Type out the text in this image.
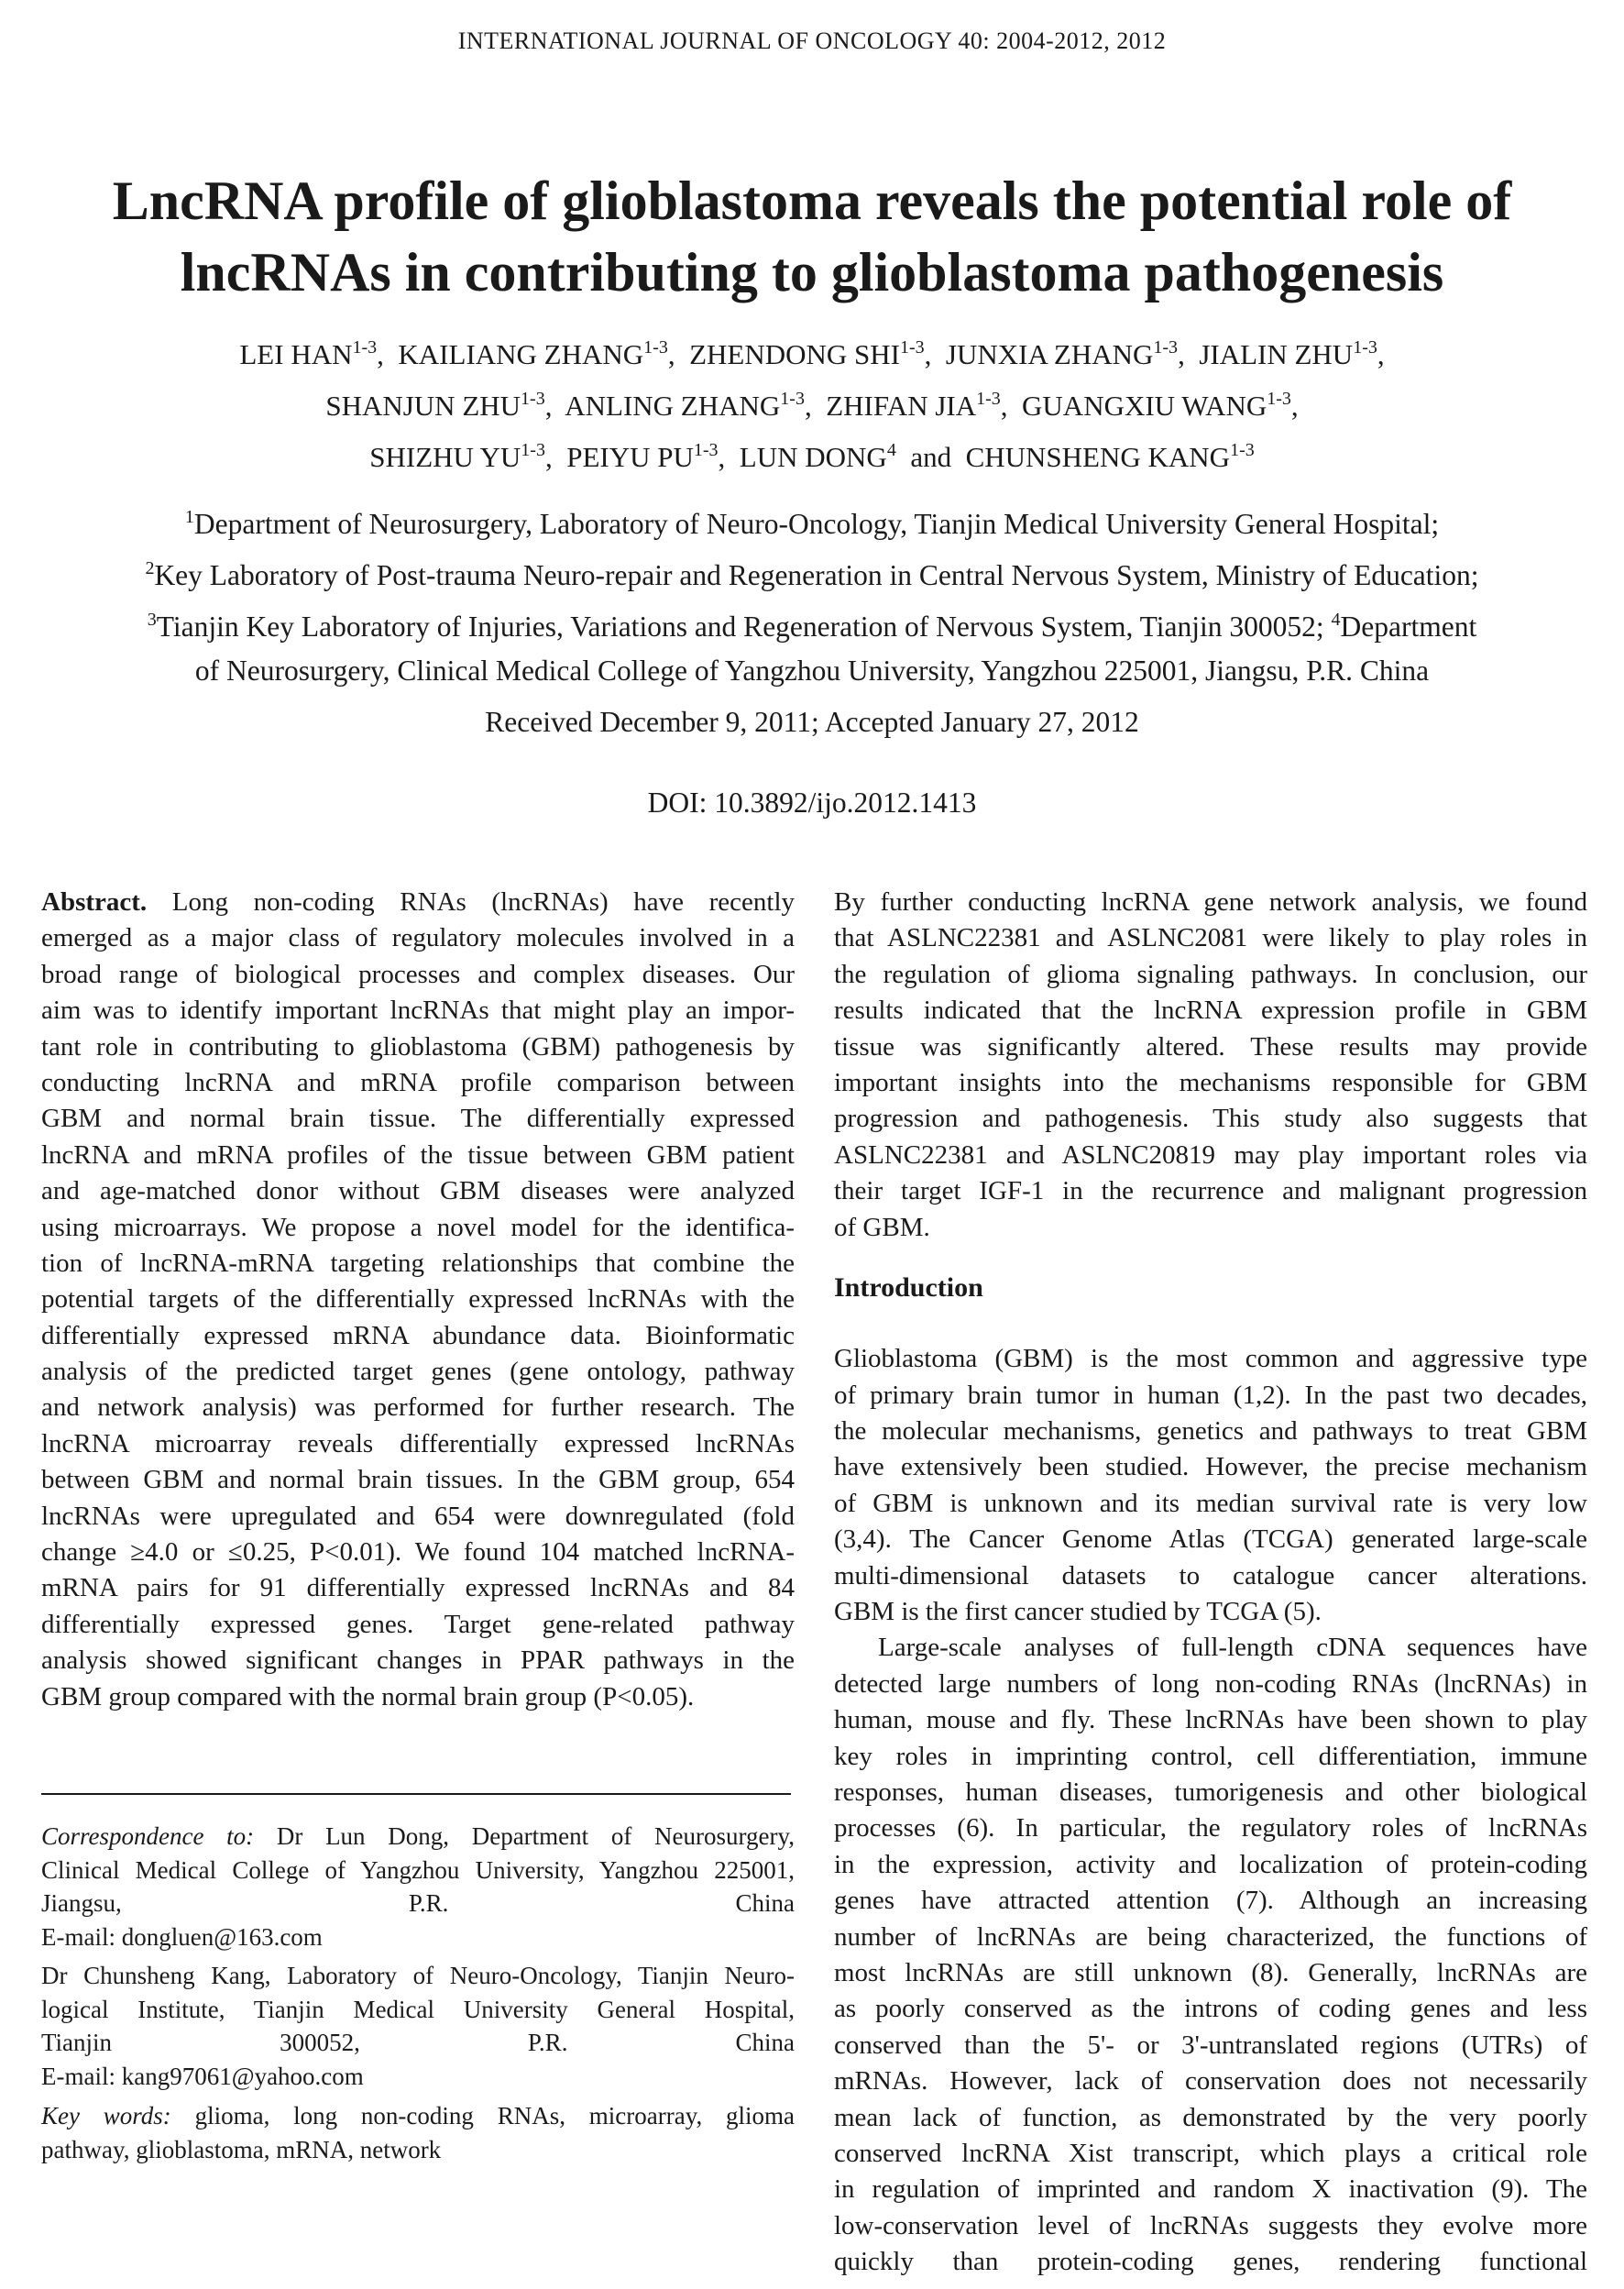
INTERNATIONAL JOURNAL OF ONCOLOGY 40: 2004-2012, 2012
LncRNA profile of glioblastoma reveals the potential role of
lncRNAs in contributing to glioblastoma pathogenesis
LEI HAN$^{1-3}$,  KAILIANG ZHANG$^{1-3}$,  ZHENDONG SHI$^{1-3}$,  JUNXIA ZHANG$^{1-3}$,  JIALIN ZHU$^{1-3}$,
SHANJUN ZHU$^{1-3}$,  ANLING ZHANG$^{1-3}$,  ZHIFAN JIA$^{1-3}$,  GUANGXIU WANG$^{1-3}$,
SHIZHU YU$^{1-3}$,  PEIYU PU$^{1-3}$,  LUN DONG$^4$  and  CHUNSHENG KANG$^{1-3}$
$^1$Department of Neurosurgery, Laboratory of Neuro-Oncology, Tianjin Medical University General Hospital;
$^2$Key Laboratory of Post-trauma Neuro-repair and Regeneration in Central Nervous System, Ministry of Education;
$^3$Tianjin Key Laboratory of Injuries, Variations and Regeneration of Nervous System, Tianjin 300052; $^4$Department
of Neurosurgery, Clinical Medical College of Yangzhou University, Yangzhou 225001, Jiangsu, P.R. China
Received December 9, 2011; Accepted January 27, 2012
DOI: 10.3892/ijo.2012.1413
Abstract. Long non-coding RNAs (lncRNAs) have recently
emerged as a major class of regulatory molecules involved in a
broad range of biological processes and complex diseases. Our
aim was to identify important lncRNAs that might play an impor-
tant role in contributing to glioblastoma (GBM) pathogenesis by
conducting lncRNA and mRNA profile comparison between
GBM and normal brain tissue. The differentially expressed
lncRNA and mRNA profiles of the tissue between GBM patient
and age-matched donor without GBM diseases were analyzed
using microarrays. We propose a novel model for the identifica-
tion of lncRNA-mRNA targeting relationships that combine the
potential targets of the differentially expressed lncRNAs with the
differentially expressed mRNA abundance data. Bioinformatic
analysis of the predicted target genes (gene ontology, pathway
and network analysis) was performed for further research. The
lncRNA microarray reveals differentially expressed lncRNAs
between GBM and normal brain tissues. In the GBM group, 654
lncRNAs were upregulated and 654 were downregulated (fold
change ≥4.0 or ≤0.25, P<0.01). We found 104 matched lncRNA-
mRNA pairs for 91 differentially expressed lncRNAs and 84
differentially expressed genes. Target gene-related pathway
analysis showed significant changes in PPAR pathways in the
GBM group compared with the normal brain group (P<0.05).
Correspondence to: Dr Lun Dong, Department of Neurosurgery,
Clinical Medical College of Yangzhou University, Yangzhou 225001,
Jiangsu, P.R. China
E-mail: dongluen@163.com
Dr Chunsheng Kang, Laboratory of Neuro-Oncology, Tianjin Neuro-
logical Institute, Tianjin Medical University General Hospital,
Tianjin 300052, P.R. China
E-mail: kang97061@yahoo.com
Key words: glioma, long non-coding RNAs, microarray, glioma
pathway, glioblastoma, mRNA, network
By further conducting lncRNA gene network analysis, we found
that ASLNC22381 and ASLNC2081 were likely to play roles in
the regulation of glioma signaling pathways. In conclusion, our
results indicated that the lncRNA expression profile in GBM
tissue was significantly altered. These results may provide
important insights into the mechanisms responsible for GBM
progression and pathogenesis. This study also suggests that
ASLNC22381 and ASLNC20819 may play important roles via
their target IGF-1 in the recurrence and malignant progression
of GBM.
Introduction
Glioblastoma (GBM) is the most common and aggressive type
of primary brain tumor in human (1,2). In the past two decades,
the molecular mechanisms, genetics and pathways to treat GBM
have extensively been studied. However, the precise mechanism
of GBM is unknown and its median survival rate is very low
(3,4). The Cancer Genome Atlas (TCGA) generated large-scale
multi-dimensional datasets to catalogue cancer alterations.
GBM is the first cancer studied by TCGA (5).
Large-scale analyses of full-length cDNA sequences have
detected large numbers of long non-coding RNAs (lncRNAs) in
human, mouse and fly. These lncRNAs have been shown to play
key roles in imprinting control, cell differentiation, immune
responses, human diseases, tumorigenesis and other biological
processes (6). In particular, the regulatory roles of lncRNAs
in the expression, activity and localization of protein-coding
genes have attracted attention (7). Although an increasing
number of lncRNAs are being characterized, the functions of
most lncRNAs are still unknown (8). Generally, lncRNAs are
as poorly conserved as the introns of coding genes and less
conserved than the 5'- or 3'-untranslated regions (UTRs) of
mRNAs. However, lack of conservation does not necessarily
mean lack of function, as demonstrated by the very poorly
conserved lncRNA Xist transcript, which plays a critical role
in regulation of imprinted and random X inactivation (9). The
low-conservation level of lncRNAs suggests they evolve more
quickly than protein-coding genes, rendering functional
